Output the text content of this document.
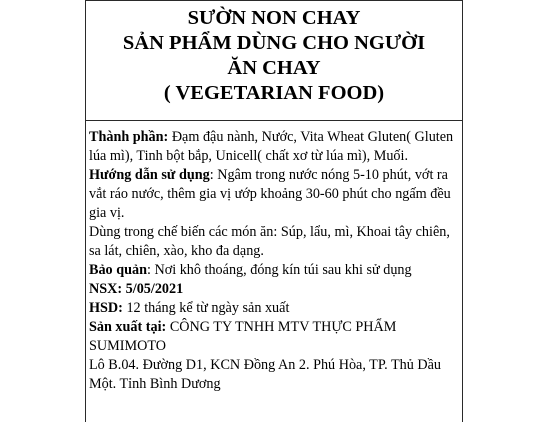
SƯỜN NON CHAY
SẢN PHẨM DÙNG CHO NGƯỜI
ĂN CHAY
( VEGETARIAN FOOD)

Thành phần: Đạm đậu nành, Nước, Vita Wheat Gluten( Gluten lúa mì), Tinh bột bắp, Unicell( chất xơ từ lúa mì), Muối.

Hướng dẫn sử dụng: Ngâm trong nước nóng 5-10 phút, vớt ra vắt ráo nước, thêm gia vị ướp khoảng 30-60 phút cho ngấm đều gia vị.

Dùng trong chế biến các món ăn: Súp, lẩu, mì, Khoai tây chiên, sa lát, chiên, xào, kho đa dạng.

Bảo quản: Nơi khô thoáng, đóng kín túi sau khi sử dụng

NSX: 5/05/2021

HSD: 12 tháng kể từ ngày sản xuất

Sản xuất tại: CÔNG TY TNHH MTV THỰC PHẨM
SUMIMOTO

Lô B.04. Đường D1, KCN Đồng An 2. Phú Hòa, TP. Thủ Dầu Một. Tỉnh Bình Dương
